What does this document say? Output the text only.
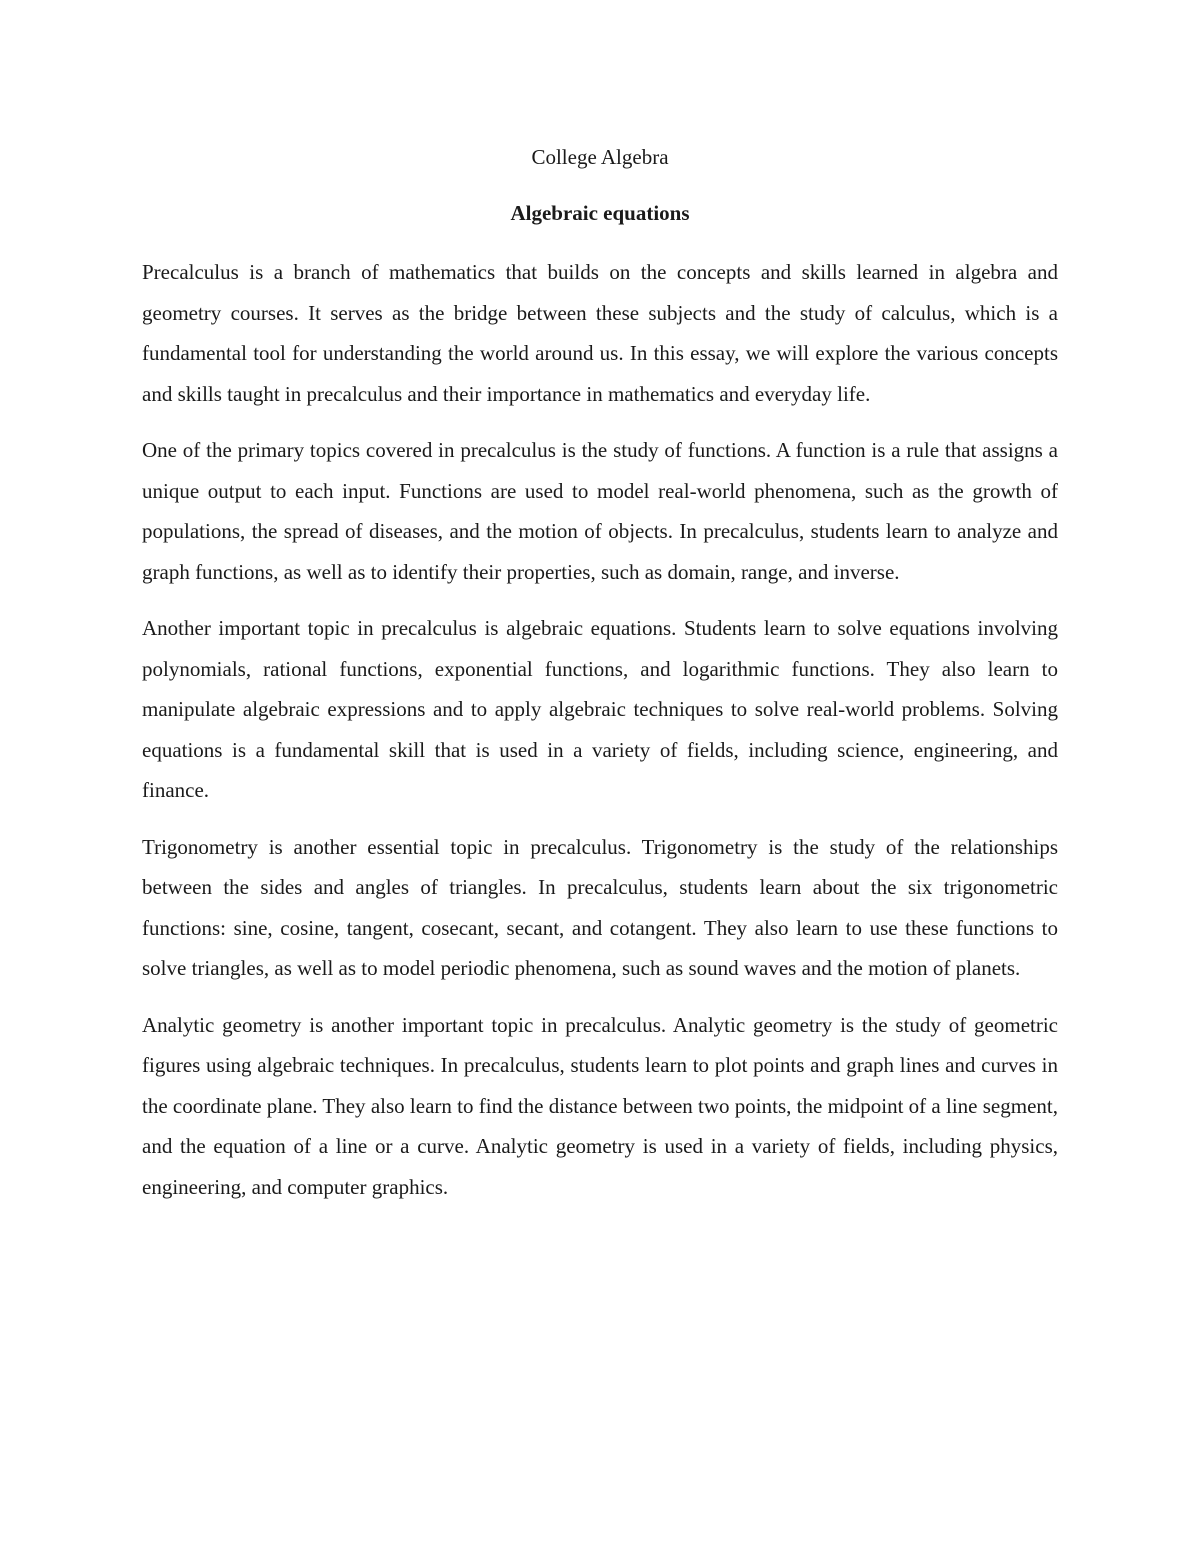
College Algebra

Algebraic equations

Precalculus is a branch of mathematics that builds on the concepts and skills learned in algebra and geometry courses. It serves as the bridge between these subjects and the study of calculus, which is a fundamental tool for understanding the world around us. In this essay, we will explore the various concepts and skills taught in precalculus and their importance in mathematics and everyday life.

One of the primary topics covered in precalculus is the study of functions. A function is a rule that assigns a unique output to each input. Functions are used to model real-world phenomena, such as the growth of populations, the spread of diseases, and the motion of objects. In precalculus, students learn to analyze and graph functions, as well as to identify their properties, such as domain, range, and inverse.

Another important topic in precalculus is algebraic equations. Students learn to solve equations involving polynomials, rational functions, exponential functions, and logarithmic functions. They also learn to manipulate algebraic expressions and to apply algebraic techniques to solve real-world problems. Solving equations is a fundamental skill that is used in a variety of fields, including science, engineering, and finance.

Trigonometry is another essential topic in precalculus. Trigonometry is the study of the relationships between the sides and angles of triangles. In precalculus, students learn about the six trigonometric functions: sine, cosine, tangent, cosecant, secant, and cotangent. They also learn to use these functions to solve triangles, as well as to model periodic phenomena, such as sound waves and the motion of planets.

Analytic geometry is another important topic in precalculus. Analytic geometry is the study of geometric figures using algebraic techniques. In precalculus, students learn to plot points and graph lines and curves in the coordinate plane. They also learn to find the distance between two points, the midpoint of a line segment, and the equation of a line or a curve. Analytic geometry is used in a variety of fields, including physics, engineering, and computer graphics.
